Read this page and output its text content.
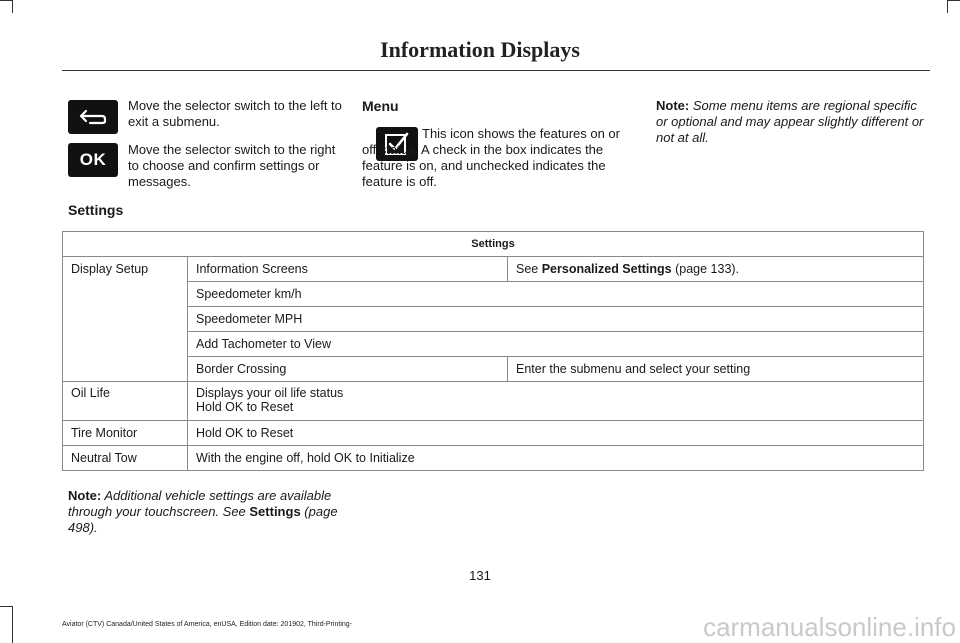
Information Displays
Move the selector switch to the left to exit a submenu.
OK
Move the selector switch to the right to choose and confirm settings or messages.
Menu
This icon shows the features on or off status. A check in the box indicates the feature is on, and unchecked indicates the feature is off.
Note: Some menu items are regional specific or optional and may appear slightly different or not at all.
Settings
Settings		
Display Setup	Information Screens	See Personalized Settings (page 133).
	Speedometer km/h	
	Speedometer MPH	
	Add Tachometer to View	
	Border Crossing	Enter the submenu and select your setting
Oil Life	Displays your oil life status
Hold OK to Reset	

Tire Monitor	Hold OK to Reset	
Neutral Tow	With the engine off, hold OK to Initialize	
Note: Additional vehicle settings are available through your touchscreen. See Settings (page 498).
131
Aviator (CTV) Canada/United States of America, enUSA, Edition date: 201902, Third-Printing-	carmanualsonline.info
